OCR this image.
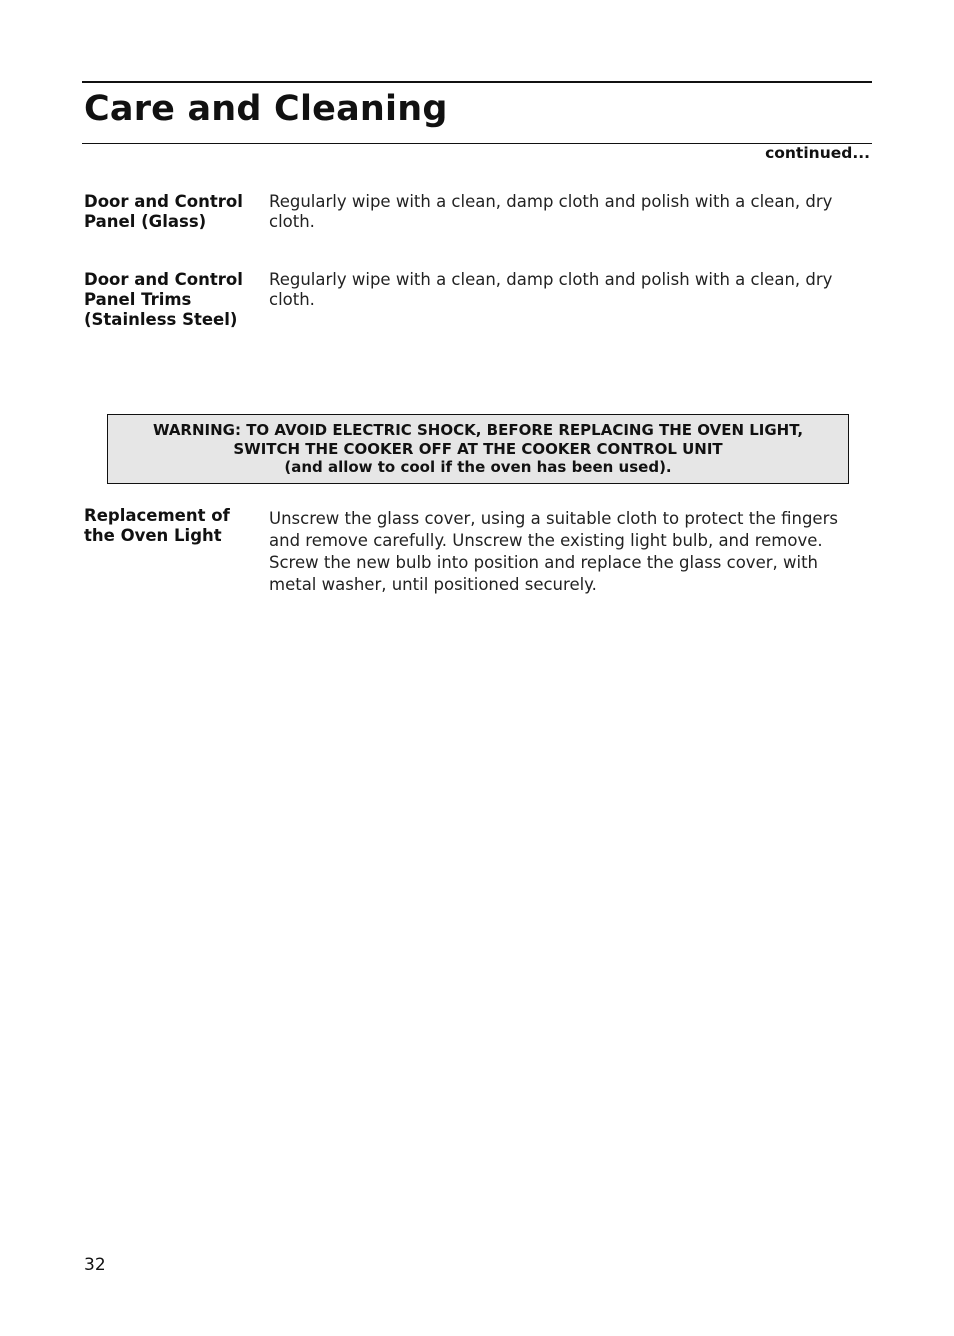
Care and Cleaning
continued...
Door and Control
Panel (Glass)
Regularly wipe with a clean, damp cloth and polish with a clean, dry cloth.
Door and Control
Panel Trims
(Stainless Steel)
Regularly wipe with a clean, damp cloth and polish with a clean, dry cloth.
WARNING: TO AVOID ELECTRIC SHOCK, BEFORE REPLACING THE OVEN LIGHT,
SWITCH THE COOKER OFF AT THE COOKER CONTROL UNIT
(and allow to cool if the oven has been used).
Replacement of
the Oven Light
Unscrew the glass cover, using a suitable cloth to protect the fingers and remove carefully. Unscrew the existing light bulb, and remove. Screw the new bulb into position and replace the glass cover, with metal washer, until positioned securely.
32
